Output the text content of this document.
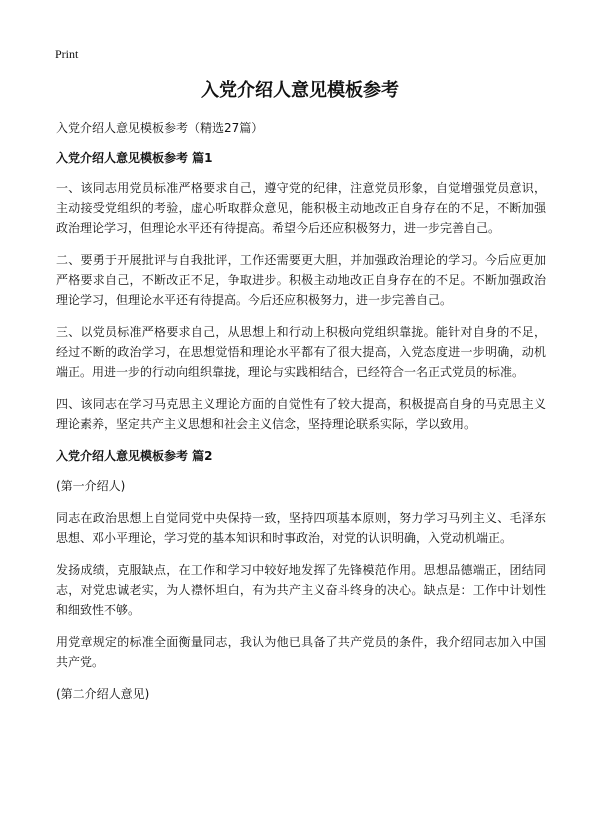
Print
入党介绍人意见模板参考

入党介绍人意见模板参考（精选27篇）

入党介绍人意见模板参考 篇1

一、该同志用党员标准严格要求自己，遵守党的纪律，注意党员形象，自觉增强党员意识，主动接受党组织的考验，虚心听取群众意见，能积极主动地改正自身存在的不足，不断加强政治理论学习，但理论水平还有待提高。希望今后还应积极努力，进一步完善自己。

二、要勇于开展批评与自我批评，工作还需要更大胆，并加强政治理论的学习。今后应更加严格要求自己，不断改正不足，争取进步。积极主动地改正自身存在的不足。不断加强政治理论学习，但理论水平还有待提高。今后还应积极努力，进一步完善自己。

三、以党员标准严格要求自己，从思想上和行动上积极向党组织靠拢。能针对自身的不足，经过不断的政治学习，在思想觉悟和理论水平都有了很大提高，入党态度进一步明确，动机端正。用进一步的行动向组织靠拢，理论与实践相结合，已经符合一名正式党员的标准。

四、该同志在学习马克思主义理论方面的自觉性有了较大提高，积极提高自身的马克思主义理论素养，坚定共产主义思想和社会主义信念，坚持理论联系实际，学以致用。

入党介绍人意见模板参考 篇2

(第一介绍人)

同志在政治思想上自觉同党中央保持一致，坚持四项基本原则，努力学习马列主义、毛泽东思想、邓小平理论，学习党的基本知识和时事政治，对党的认识明确，入党动机端正。

发扬成绩，克服缺点，在工作和学习中较好地发挥了先锋模范作用。思想品德端正，团结同志，对党忠诚老实，为人襟怀坦白，有为共产主义奋斗终身的决心。缺点是：工作中计划性和细致性不够。

用党章规定的标准全面衡量同志，我认为他已具备了共产党员的条件，我介绍同志加入中国共产党。

(第二介绍人意见)
